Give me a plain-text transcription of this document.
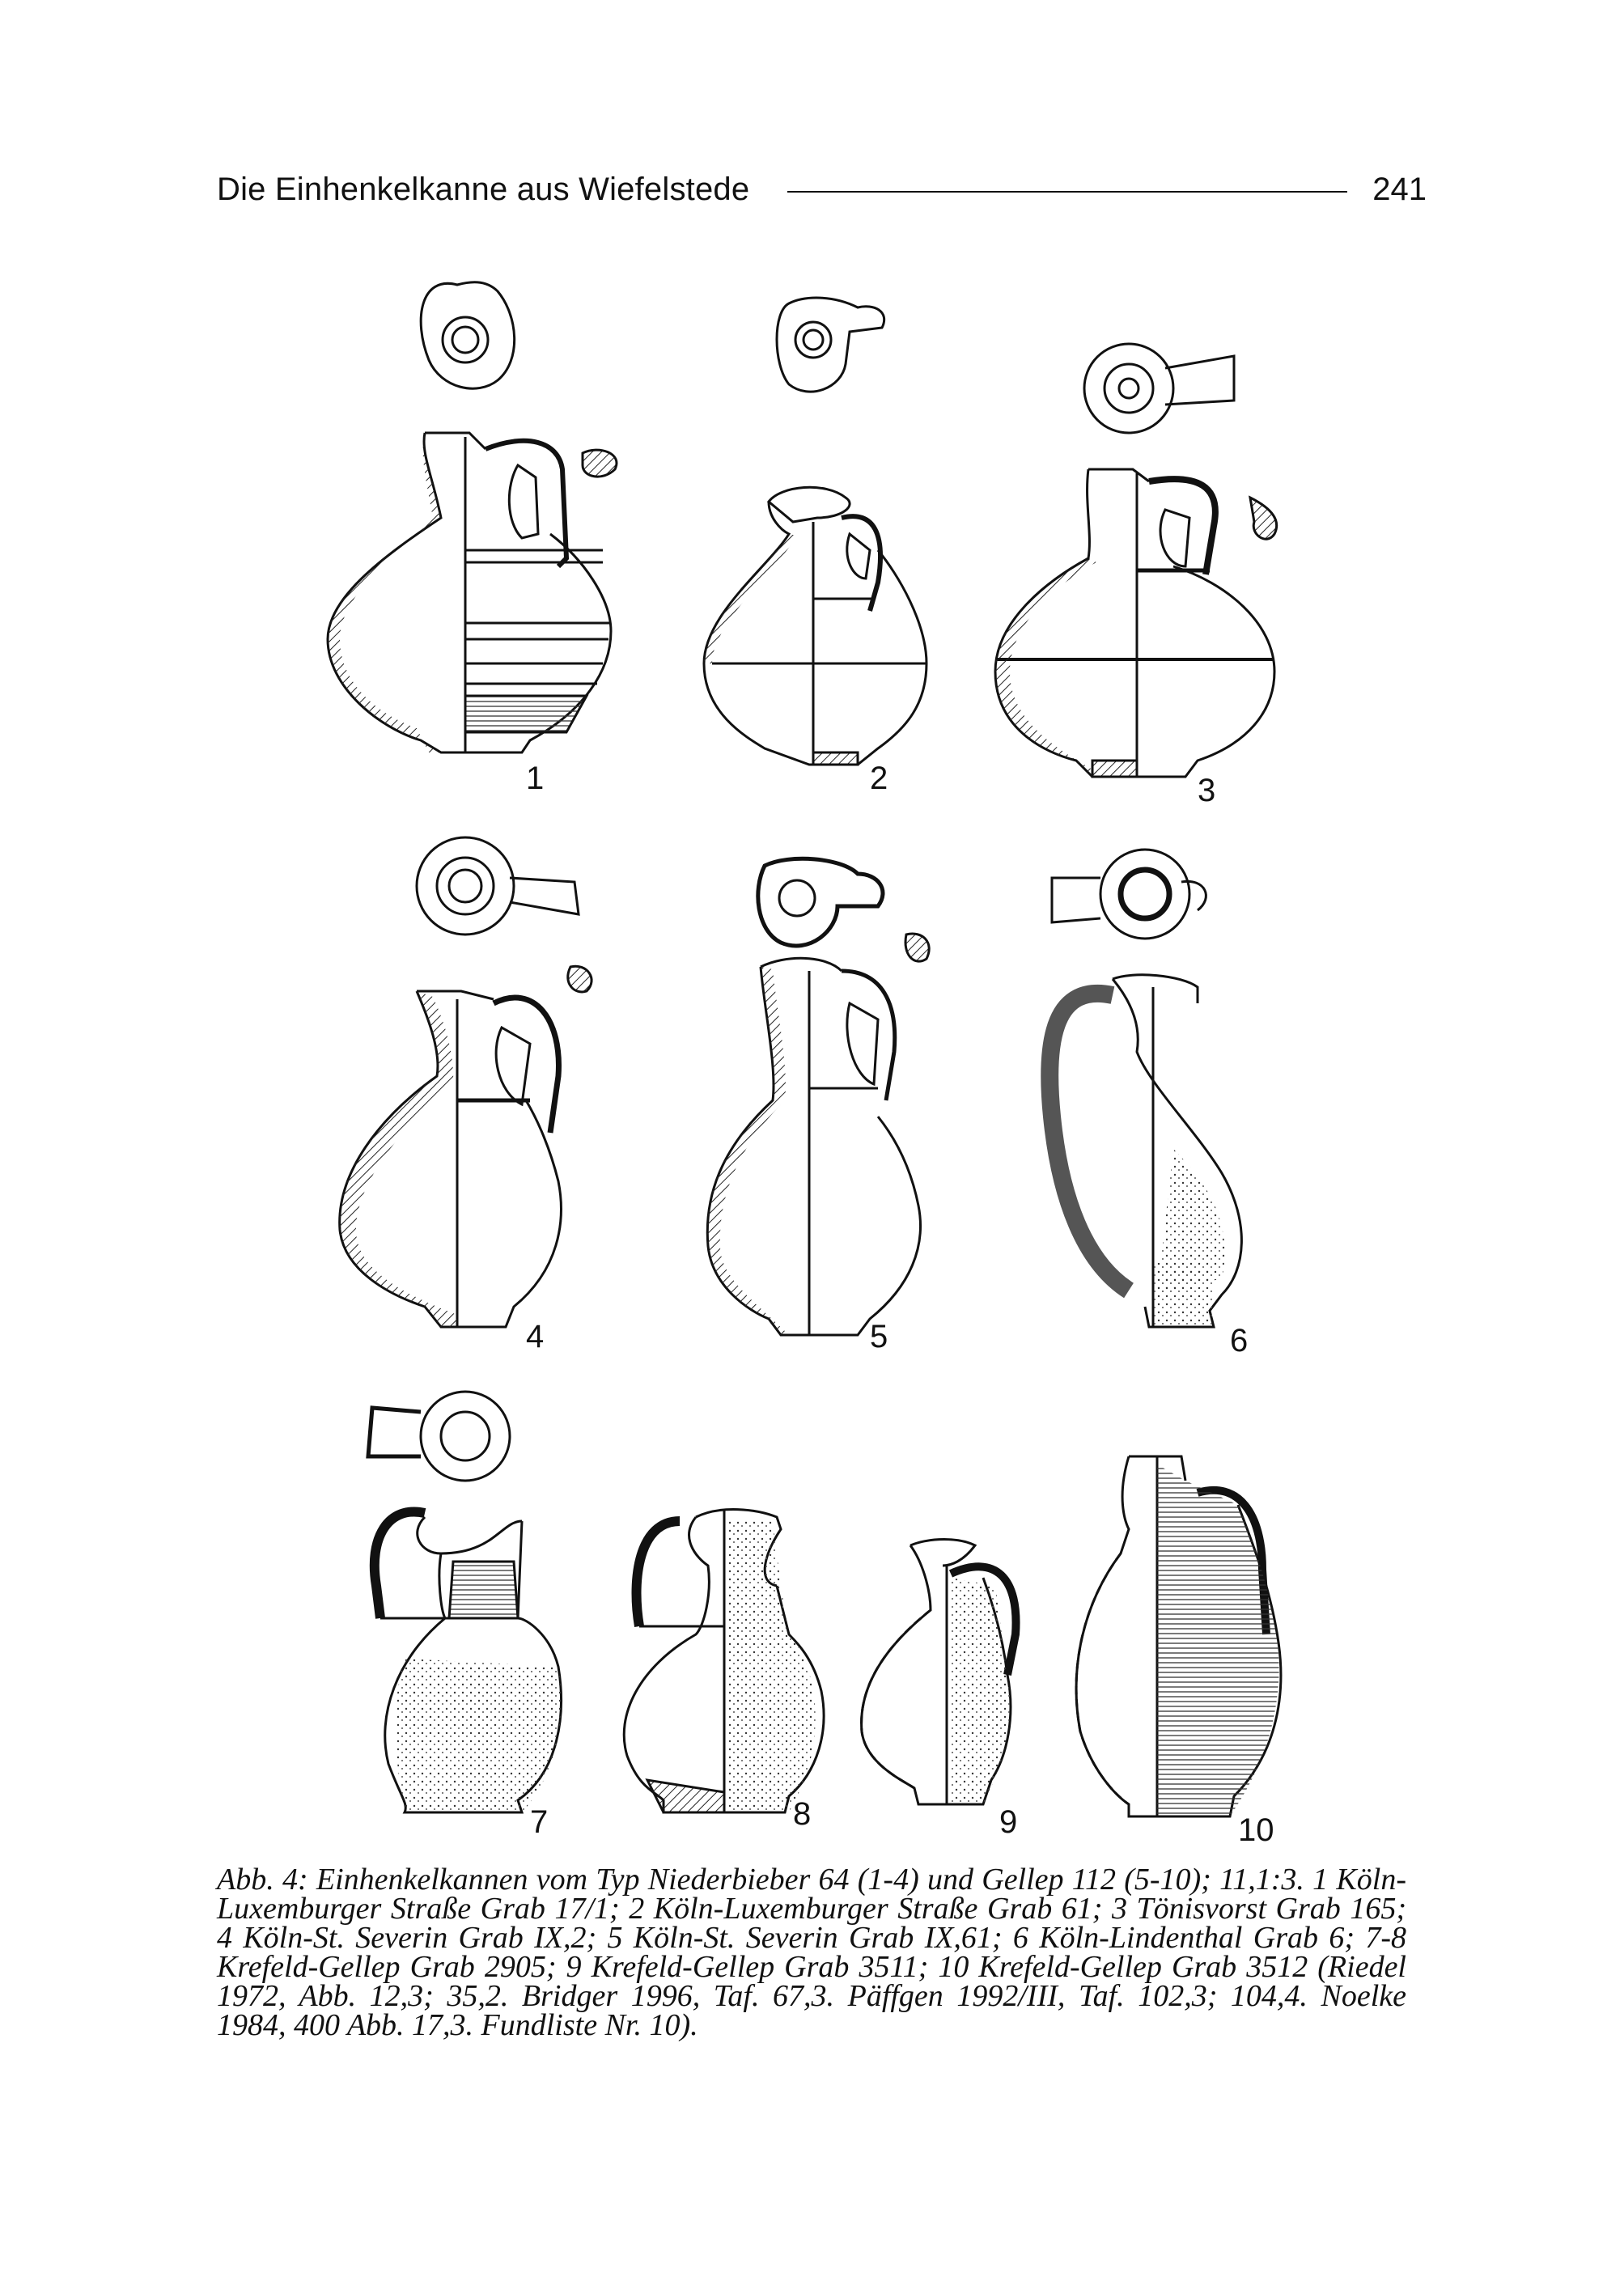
Die Einhenkelkanne aus Wiefelstede	241
1	2	3
4	5	6
7	8	9	10
Abb. 4: Einhenkelkannen vom Typ Niederbieber 64 (1-4) und Gellep 112 (5-10); 11,1:3. 1 Köln-Luxemburger Straße Grab 17/1; 2 Köln-Luxemburger Straße Grab 61; 3 Tönisvorst Grab 165; 4 Köln-St. Severin Grab IX,2; 5 Köln-St. Severin Grab IX,61; 6 Köln-Lindenthal Grab 6; 7-8 Krefeld-Gellep Grab 2905; 9 Krefeld-Gellep Grab 3511; 10 Krefeld-Gellep Grab 3512 (Riedel 1972, Abb. 12,3; 35,2. Bridger 1996, Taf. 67,3. Päffgen 1992/III, Taf. 102,3; 104,4. Noelke 1984, 400 Abb. 17,3. Fundliste Nr. 10).
